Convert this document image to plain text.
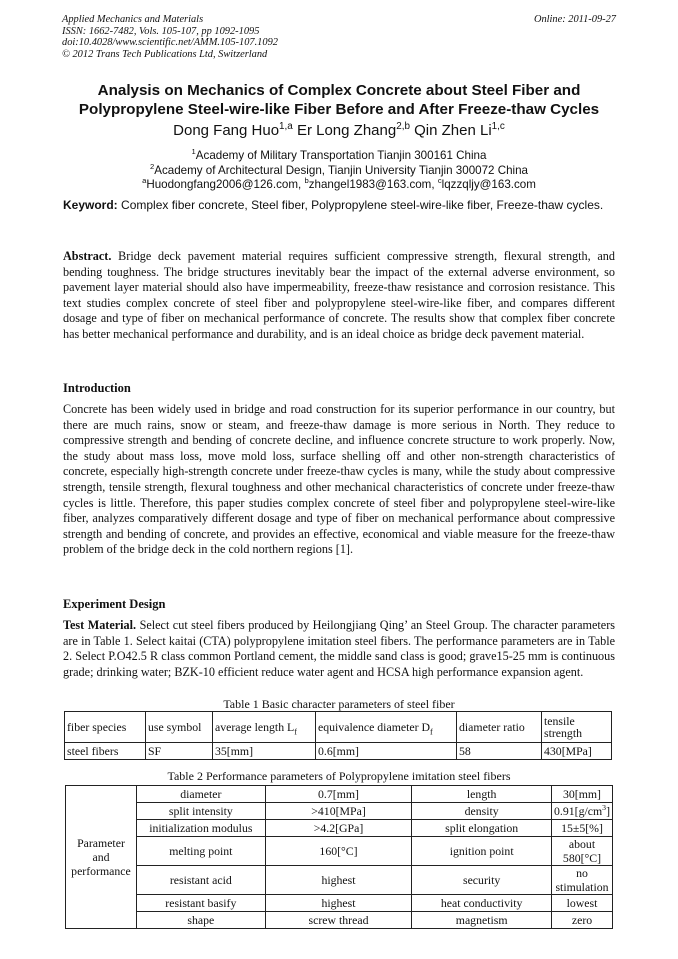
Applied Mechanics and Materials
ISSN: 1662-7482, Vols. 105-107, pp 1092-1095
doi:10.4028/www.scientific.net/AMM.105-107.1092
© 2012 Trans Tech Publications Ltd, Switzerland
Online: 2011-09-27
Analysis on Mechanics of Complex Concrete about Steel Fiber and
Polypropylene Steel-wire-like Fiber Before and After Freeze-thaw Cycles
Dong Fang Huo$^{1,a}$ Er Long Zhang$^{2,b}$ Qin Zhen Li$^{1,c}$
$^1$Academy of Military Transportation Tianjin 300161 China
$^2$Academy of Architectural Design, Tianjin University Tianjin 300072 China
$^a$Huodongfang2006@126.com, $^b$zhangel1983@163.com, $^c$lqzzqljy@163.com
Keyword: Complex fiber concrete, Steel fiber, Polypropylene steel-wire-like fiber, Freeze-thaw cycles.
Abstract. Bridge deck pavement material requires sufficient compressive strength, flexural strength, and bending toughness. The bridge structures inevitably bear the impact of the external adverse environment, so pavement layer material should also have impermeability, freeze-thaw resistance and corrosion resistance. This text studies complex concrete of steel fiber and polypropylene steel-wire-like fiber, and compares different dosage and type of fiber on mechanical performance of concrete. The results show that complex fiber concrete has better mechanical performance and durability, and is an ideal choice as bridge deck pavement material.
Introduction
Concrete has been widely used in bridge and road construction for its superior performance in our country, but there are much rains, snow or steam, and freeze-thaw damage is more serious in North. They reduce to compressive strength and bending of concrete decline, and influence concrete structure to work properly. Now, the study about mass loss, move mold loss, surface shelling off and other non-strength characteristics of concrete, especially high-strength concrete under freeze-thaw cycles is many, while the study about compressive strength, tensile strength, flexural toughness and other mechanical characteristics of concrete under freeze-thaw cycles is little. Therefore, this paper studies complex concrete of steel fiber and polypropylene steel-wire-like fiber, analyzes comparatively different dosage and type of fiber on mechanical performance about compressive strength and bending of concrete, and provides an effective, economical and viable measure for the freeze-thaw problem of the bridge deck in the cold northern regions [1].
Experiment Design
Test Material. Select cut steel fibers produced by Heilongjiang Qing’ an Steel Group. The character parameters are in Table 1. Select kaitai (CTA) polypropylene imitation steel fibers. The performance parameters are in Table 2. Select P.O42.5 R class common Portland cement, the middle sand class is good; grave15-25 mm is continuous grade; drinking water; BZK-10 efficient reduce water agent and HCSA high performance expansion agent.
Table 1 Basic character parameters of steel fiber
fiber species	use symbol	average length $L_f$	equivalence diameter $D_f$	diameter ratio	tensile strength
steel fibers	SF	35[mm]	0.6[mm]	58	430[MPa]
Table 2 Performance parameters of Polypropylene imitation steel fibers
Parameter and performance	diameter	0.7[mm]	length	30[mm]
	split intensity	>410[MPa]	density	$0.91[g/cm^3]$
	initialization modulus	>4.2[GPa]	split elongation	15±5[%]
	melting point	160[°C]	ignition point	about 580[°C]
	resistant acid	highest	security	no stimulation
	resistant basify	highest	heat conductivity	lowest
	shape	screw thread	magnetism	zero
